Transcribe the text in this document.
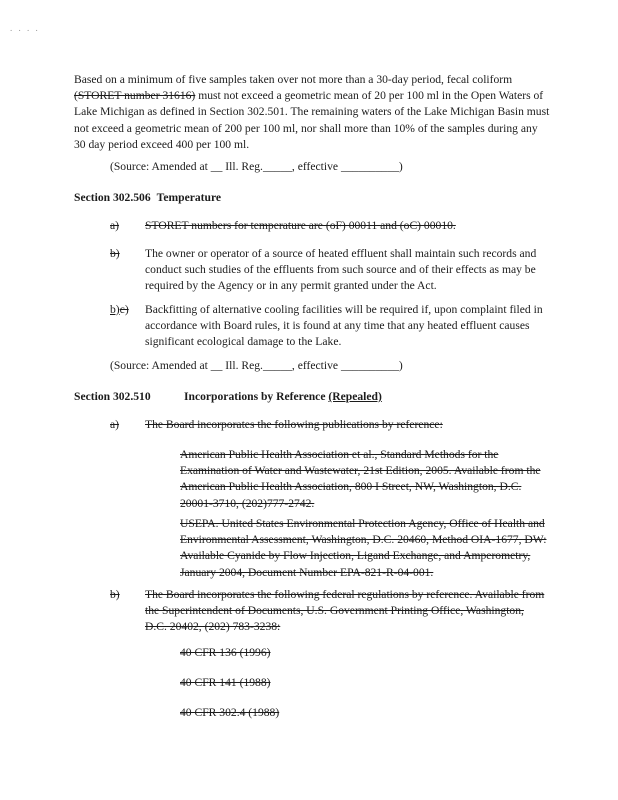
. . . .
Based on a minimum of five samples taken over not more than a 30-day period, fecal coliform (STORET number 31616) must not exceed a geometric mean of 20 per 100 ml in the Open Waters of Lake Michigan as defined in Section 302.501. The remaining waters of the Lake Michigan Basin must not exceed a geometric mean of 200 per 100 ml, nor shall more than 10% of the samples during any 30 day period exceed 400 per 100 ml.
(Source: Amended at __ Ill. Reg._____, effective __________)
Section 302.506 Temperature
a) STORET numbers for temperature are (oF) 00011 and (oC) 00010.
b) The owner or operator of a source of heated effluent shall maintain such records and conduct such studies of the effluents from such source and of their effects as may be required by the Agency or in any permit granted under the Act.
b)c) Backfitting of alternative cooling facilities will be required if, upon complaint filed in accordance with Board rules, it is found at any time that any heated effluent causes significant ecological damage to the Lake.
(Source: Amended at __ Ill. Reg._____, effective __________)
Section 302.510	Incorporations by Reference (Repealed)
a) The Board incorporates the following publications by reference:
American Public Health Association et al., Standard Methods for the Examination of Water and Wastewater, 21st Edition, 2005. Available from the American Public Health Association, 800 I Street, NW, Washington, D.C. 20001-3710, (202)777-2742.
USEPA. United States Environmental Protection Agency, Office of Health and Environmental Assessment, Washington, D.C. 20460, Method OIA-1677, DW: Available Cyanide by Flow Injection, Ligand Exchange, and Amperometry, January 2004, Document Number EPA-821-R-04-001.
b) The Board incorporates the following federal regulations by reference. Available from the Superintendent of Documents, U.S. Government Printing Office, Washington, D.C. 20402, (202) 783-3238:
40 CFR 136 (1996)
40 CFR 141 (1988)
40 CFR 302.4 (1988)
